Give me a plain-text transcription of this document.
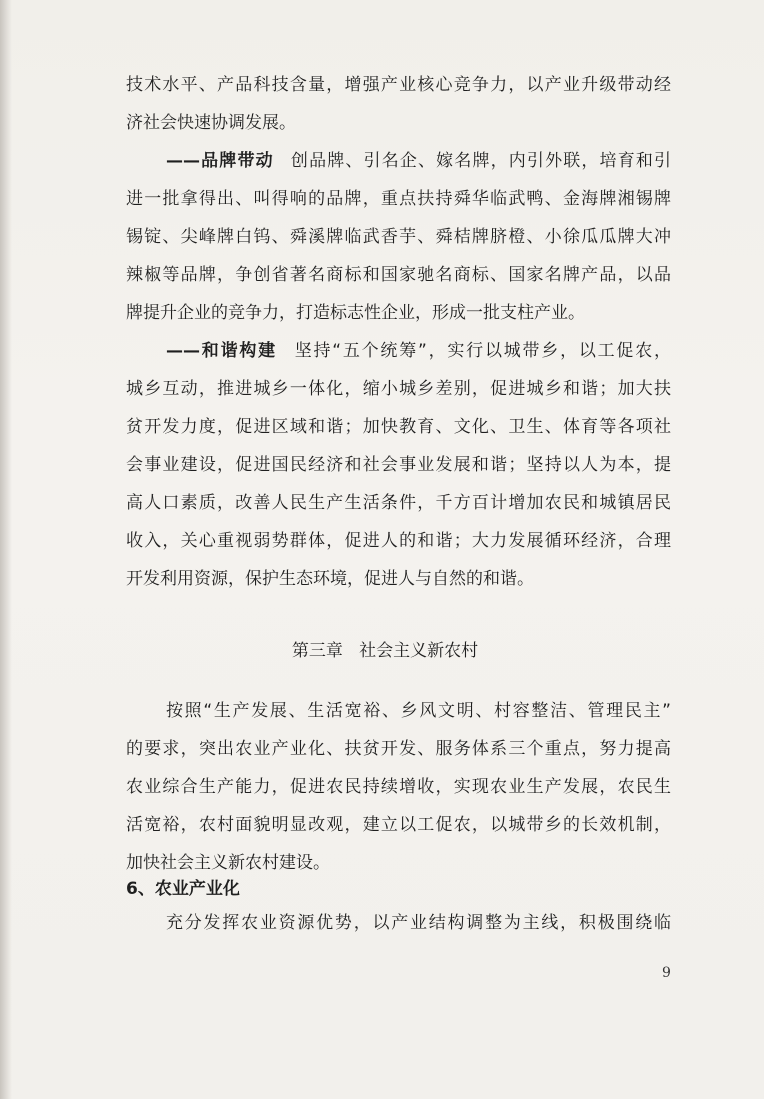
技术水平、产品科技含量，增强产业核心竞争力，以产业升级带动经
济社会快速协调发展。
——品牌带动 创品牌、引名企、嫁名牌，内引外联，培育和引
进一批拿得出、叫得响的品牌，重点扶持舜华临武鸭、金海牌湘锡牌
锡锭、尖峰牌白钨、舜溪牌临武香芋、舜桔牌脐橙、小徐瓜瓜牌大冲
辣椒等品牌，争创省著名商标和国家驰名商标、国家名牌产品，以品
牌提升企业的竞争力，打造标志性企业，形成一批支柱产业。
——和谐构建 坚持“五个统筹”，实行以城带乡，以工促农，
城乡互动，推进城乡一体化，缩小城乡差别，促进城乡和谐；加大扶
贫开发力度，促进区域和谐；加快教育、文化、卫生、体育等各项社
会事业建设，促进国民经济和社会事业发展和谐；坚持以人为本，提
高人口素质，改善人民生产生活条件，千方百计增加农民和城镇居民
收入，关心重视弱势群体，促进人的和谐；大力发展循环经济，合理
开发利用资源，保护生态环境，促进人与自然的和谐。
第三章   社会主义新农村
按照“生产发展、生活宽裕、乡风文明、村容整洁、管理民主”
的要求，突出农业产业化、扶贫开发、服务体系三个重点，努力提高
农业综合生产能力，促进农民持续增收，实现农业生产发展，农民生
活宽裕，农村面貌明显改观，建立以工促农，以城带乡的长效机制，
加快社会主义新农村建设。
6、农业产业化
充分发挥农业资源优势，以产业结构调整为主线，积极围绕临
9
